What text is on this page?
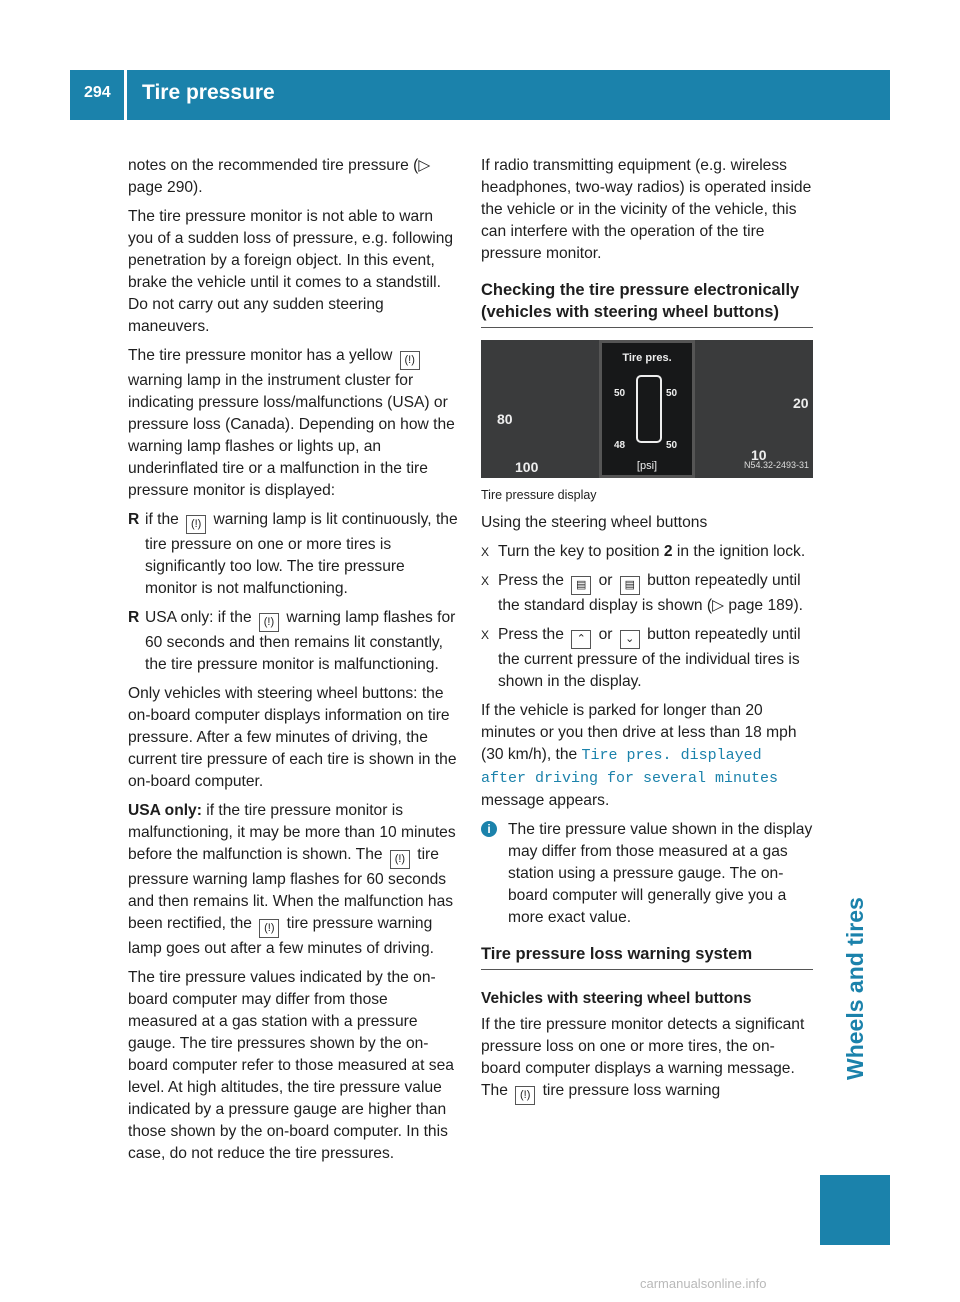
294 Tire pressure
Wheels and tires

notes on the recommended tire pressure (▷ page 290).

The tire pressure monitor is not able to warn you of a sudden loss of pressure, e.g. following penetration by a foreign object. In this event, brake the vehicle until it comes to a standstill. Do not carry out any sudden steering maneuvers.

The tire pressure monitor has a yellow (!) warning lamp in the instrument cluster for indicating pressure loss/malfunctions (USA) or pressure loss (Canada). Depending on how the warning lamp flashes or lights up, an underinflated tire or a malfunction in the tire pressure monitor is displayed:

R if the (!) warning lamp is lit continuously, the tire pressure on one or more tires is significantly too low. The tire pressure monitor is not malfunctioning.
R USA only: if the (!) warning lamp flashes for 60 seconds and then remains lit constantly, the tire pressure monitor is malfunctioning.

Only vehicles with steering wheel buttons: the on-board computer displays information on tire pressure. After a few minutes of driving, the current tire pressure of each tire is shown in the on-board computer.

USA only: if the tire pressure monitor is malfunctioning, it may be more than 10 minutes before the malfunction is shown. The (!) tire pressure warning lamp flashes for 60 seconds and then remains lit. When the malfunction has been rectified, the (!) tire pressure warning lamp goes out after a few minutes of driving.

The tire pressure values indicated by the on-board computer may differ from those measured at a gas station with a pressure gauge. The tire pressures shown by the on-board computer refer to those measured at sea level. At high altitudes, the tire pressure value indicated by a pressure gauge are higher than those shown by the on-board computer. In this case, do not reduce the tire pressures.

If radio transmitting equipment (e.g. wireless headphones, two-way radios) is operated inside the vehicle or in the vicinity of the vehicle, this can interfere with the operation of the tire pressure monitor.

Checking the tire pressure electronically (vehicles with steering wheel buttons)
80
100
20
10
Tire pres.
50	50
48	50
[psi]	N54.32-2493-31
Tire pressure display

Using the steering wheel buttons

X Turn the key to position 2 in the ignition lock.
X Press the ▤ or ▤ button repeatedly until the standard display is shown (▷ page 189).
X Press the ⌃ or ⌄ button repeatedly until the current pressure of the individual tires is shown in the display.

If the vehicle is parked for longer than 20 minutes or you then drive at less than 18 mph (30 km/h), the Tire pres. displayed after driving for several minutes message appears.

i	The tire pressure value shown in the display may differ from those measured at a gas station using a pressure gauge. The on-board computer will generally give you a more exact value.
Tire pressure loss warning system
Vehicles with steering wheel buttons

If the tire pressure monitor detects a significant pressure loss on one or more tires, the on-board computer displays a warning message. The (!) tire pressure loss warning

carmanualsonline.info
